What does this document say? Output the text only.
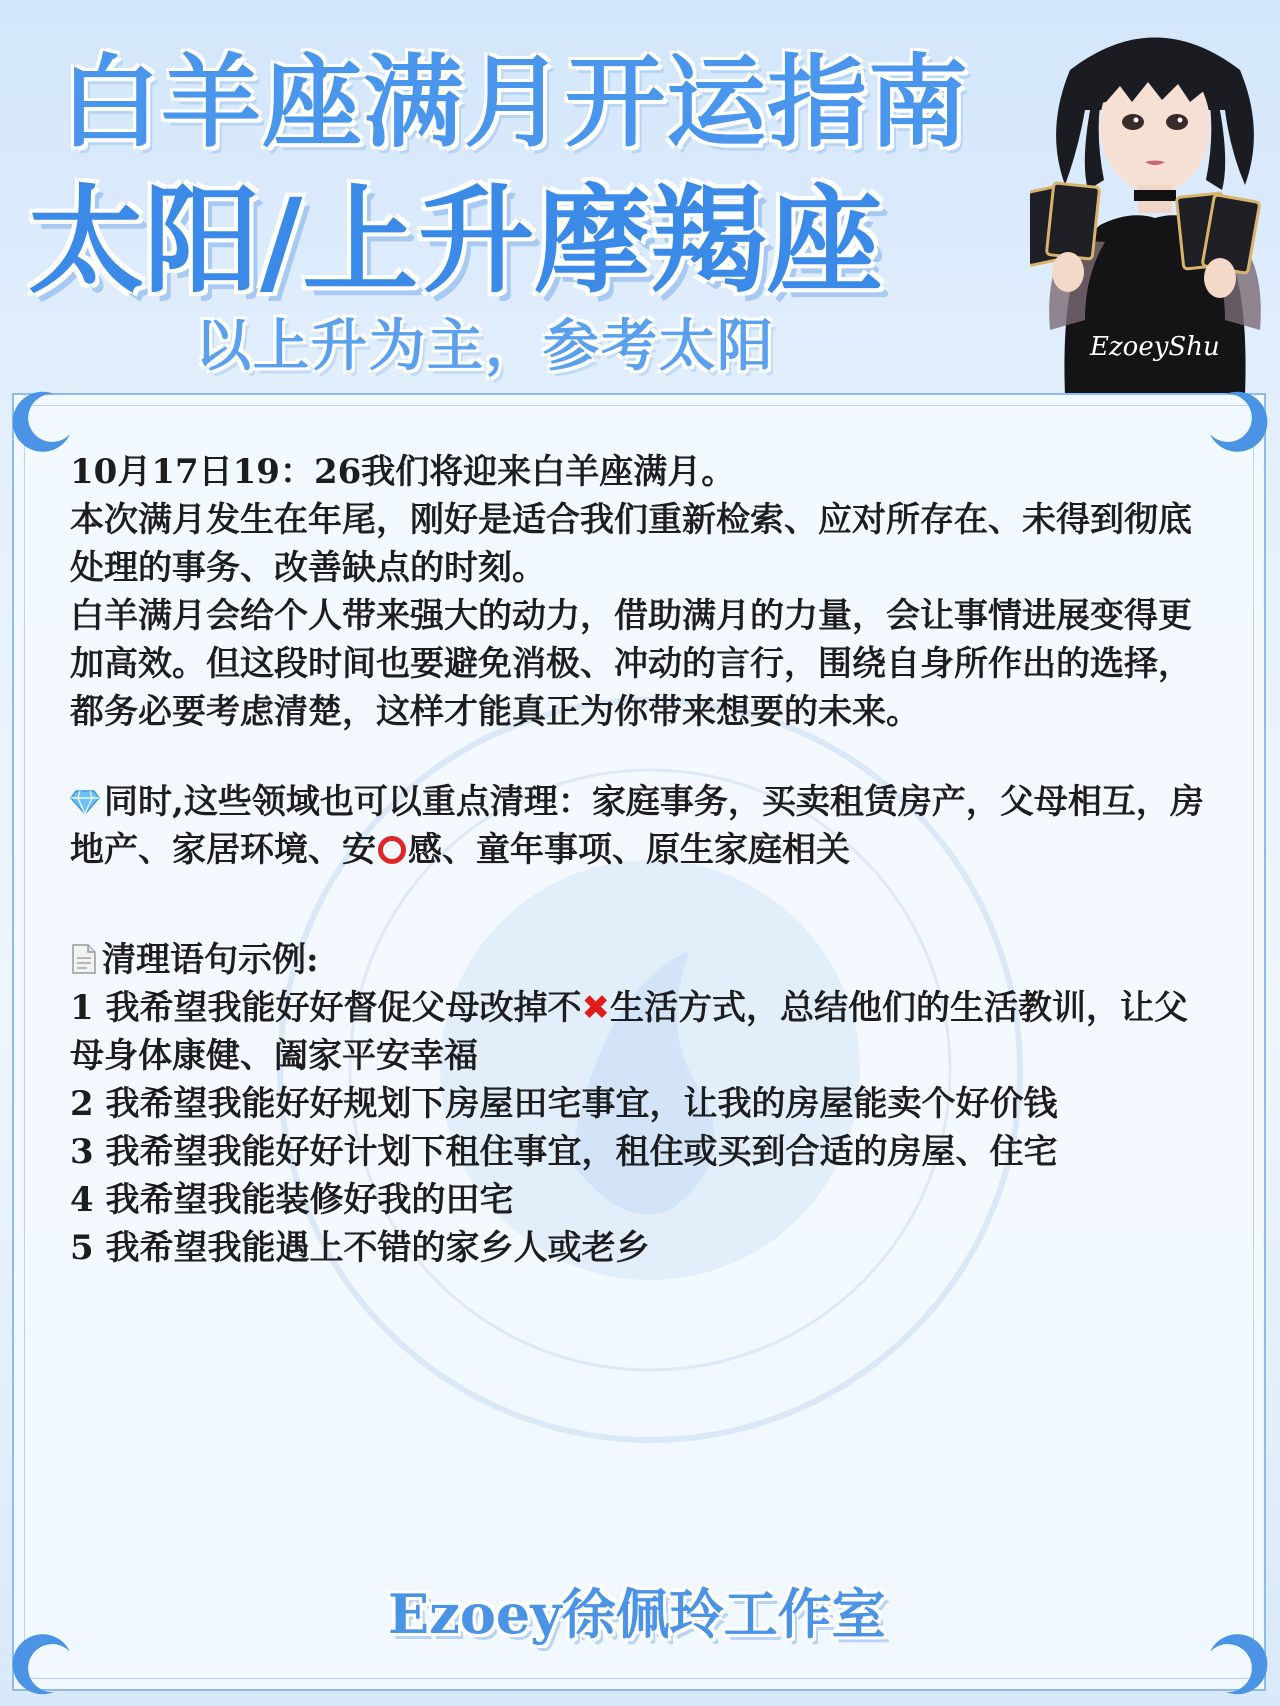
白羊座满月开运指南
太阳/上升摩羯座
以上升为主，参考太阳	EzoeyShu

10月17日19：26我们将迎来白羊座满月。

本次满月发生在年尾，刚好是适合我们重新检索、应对所存在、未得到彻底处理的事务、改善缺点的时刻。

白羊满月会给个人带来强大的动力，借助满月的力量，会让事情进展变得更加高效。但这段时间也要避免消极、冲动的言行，围绕自身所作出的选择，都务必要考虑清楚，这样才能真正为你带来想要的未来。

同时,这些领域也可以重点清理：家庭事务，买卖租赁房产，父母相互，房地产、家居环境、安 感、童年事项、原生家庭相关

清理语句示例:

1 我希望我能好好督促父母改掉不✖生活方式，总结他们的生活教训，让父母身体康健、阖家平安幸福

2 我希望我能好好规划下房屋田宅事宜，让我的房屋能卖个好价钱

3 我希望我能好好计划下租住事宜，租住或买到合适的房屋、住宅

4 我希望我能装修好我的田宅

5 我希望我能遇上不错的家乡人或老乡

Ezoey徐佩玲工作室
